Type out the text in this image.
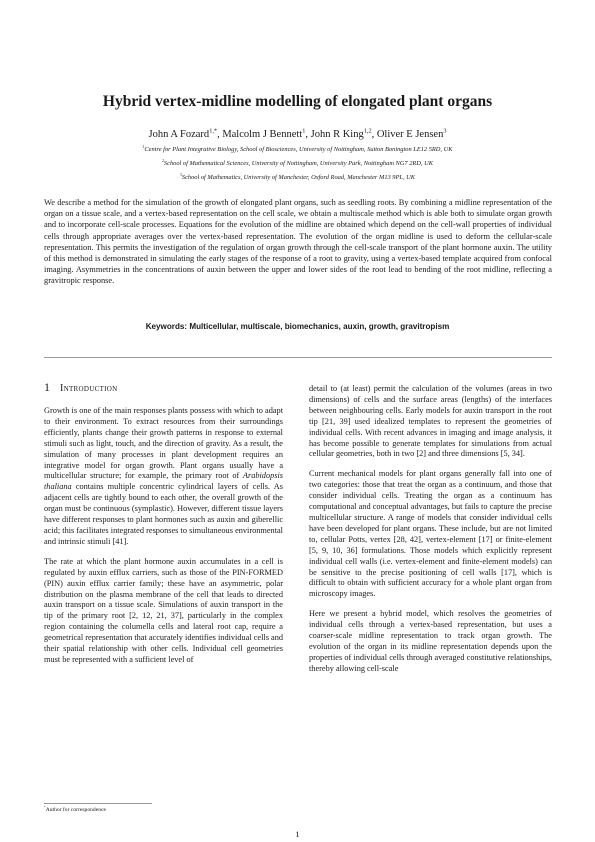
Hybrid vertex-midline modelling of elongated plant organs
John A Fozard$^{1,*}$, Malcolm J Bennett$^1$, John R King$^{1,2}$, Oliver E Jensen$^3$
$^1$Centre for Plant Integrative Biology, School of Biosciences, University of Nottingham, Sutton Bonington LE12 5RD, UK
$^2$School of Mathematical Sciences, University of Nottingham, University Park, Nottingham NG7 2RD, UK
$^3$School of Mathematics, University of Manchester, Oxford Road, Manchester M13 9PL, UK

We describe a method for the simulation of the growth of elongated plant organs, such as seedling roots. By combining a midline representation of the organ on a tissue scale, and a vertex-based representation on the cell scale, we obtain a multiscale method which is able both to simulate organ growth and to incorporate cell-scale processes. Equations for the evolution of the midline are obtained which depend on the cell-wall properties of individual cells through appropriate averages over the vertex-based representation. The evolution of the organ midline is used to deform the cellular-scale representation. This permits the investigation of the regulation of organ growth through the cell-scale transport of the plant hormone auxin. The utility of this method is demonstrated in simulating the early stages of the response of a root to gravity, using a vertex-based template acquired from confocal imaging. Asymmetries in the concentrations of auxin between the upper and lower sides of the root lead to bending of the root midline, reflecting a gravitropic response.

Keywords: Multicellular, multiscale, biomechanics, auxin, growth, gravitropism
1 Introduction

Growth is one of the main responses plants possess with which to adapt to their environment. To extract resources from their surroundings efficiently, plants change their growth patterns in response to external stimuli such as light, touch, and the direction of gravity. As a result, the simulation of many processes in plant development requires an integrative model for organ growth. Plant organs usually have a multicellular structure; for example, the primary root of Arabidopsis thaliana contains multiple concentric cylindrical layers of cells. As adjacent cells are tightly bound to each other, the overall growth of the organ must be continuous (symplastic). However, different tissue layers have different responses to plant hormones such as auxin and giberellic acid; this facilitates integrated responses to simultaneous environmental and intrinsic stimuli [41].

The rate at which the plant hormone auxin accumulates in a cell is regulated by auxin efflux carriers, such as those of the PIN-FORMED (PIN) auxin efflux carrier family; these have an asymmetric, polar distribution on the plasma membrane of the cell that leads to directed auxin transport on a tissue scale. Simulations of auxin transport in the tip of the primary root [2, 12, 21, 37], particularly in the complex region containing the columella cells and lateral root cap, require a geometrical representation that accurately identifies individual cells and their spatial relationship with other cells. Individual cell geometries must be represented with a sufficient level of

detail to (at least) permit the calculation of the volumes (areas in two dimensions) of cells and the surface areas (lengths) of the interfaces between neighbouring cells. Early models for auxin transport in the root tip [21, 39] used idealized templates to represent the geometries of individual cells. With recent advances in imaging and image analysis, it has become possible to generate templates for simulations from actual cellular geometries, both in two [2] and three dimensions [5, 34].

Current mechanical models for plant organs generally fall into one of two categories: those that treat the organ as a continuum, and those that consider individual cells. Treating the organ as a continuum has computational and conceptual advantages, but fails to capture the precise multicellular structure. A range of models that consider individual cells have been developed for plant organs. These include, but are not limited to, cellular Potts, vertex [28, 42], vertex-element [17] or finite-element [5, 9, 10, 36] formulations. Those models which explicitly represent individual cell walls (i.e. vertex-element and finite-element models) can be sensitive to the precise positioning of cell walls [17], which is difficult to obtain with sufficient accuracy for a whole plant organ from microscopy images.

Here we present a hybrid model, which resolves the geometries of individual cells through a vertex-based representation, but uses a coarser-scale midline representation to track organ growth. The evolution of the organ in its midline representation depends upon the properties of individual cells through averaged constitutive relationships, thereby allowing cell-scale

*Author for correspondence
1
